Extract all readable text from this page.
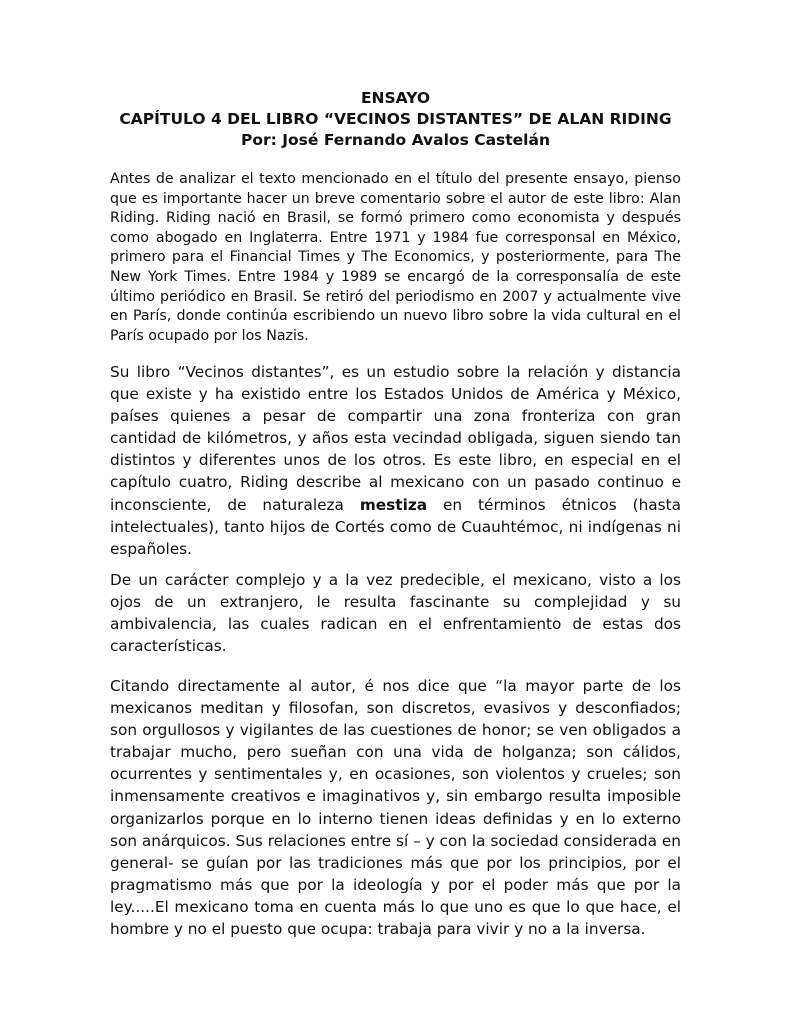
ENSAYO
CAPÍTULO 4 DEL LIBRO “VECINOS DISTANTES” DE ALAN RIDING
Por: José Fernando Avalos Castelán

Antes de analizar el texto mencionado en el título del presente ensayo, pienso que es importante hacer un breve comentario sobre el autor de este libro: Alan Riding. Riding nació en Brasil, se formó primero como economista y después como abogado en Inglaterra. Entre 1971 y 1984 fue corresponsal en México, primero para el Financial Times y The Economics, y posteriormente, para The New York Times. Entre 1984 y 1989 se encargó de la corresponsalía de este último periódico en Brasil. Se retiró del periodismo en 2007 y actualmente vive en París, donde continúa escribiendo un nuevo libro sobre la vida cultural en el París ocupado por los Nazis.

Su libro “Vecinos distantes”, es un estudio sobre la relación y distancia que existe y ha existido entre los Estados Unidos de América y México, países quienes a pesar de compartir una zona fronteriza con gran cantidad de kilómetros, y años esta vecindad obligada, siguen siendo tan distintos y diferentes unos de los otros. Es este libro, en especial en el capítulo cuatro, Riding describe al mexicano con un pasado continuo e inconsciente, de naturaleza mestiza en términos étnicos (hasta intelectuales), tanto hijos de Cortés como de Cuauhtémoc, ni indígenas ni españoles.

De un carácter complejo y a la vez predecible, el mexicano, visto a los ojos de un extranjero, le resulta fascinante su complejidad y su ambivalencia, las cuales radican en el enfrentamiento de estas dos características.

Citando directamente al autor, é nos dice que “la mayor parte de los mexicanos meditan y filosofan, son discretos, evasivos y desconfiados; son orgullosos y vigilantes de las cuestiones de honor; se ven obligados a trabajar mucho, pero sueñan con una vida de holganza; son cálidos, ocurrentes y sentimentales y, en ocasiones, son violentos y crueles; son inmensamente creativos e imaginativos y, sin embargo resulta imposible organizarlos porque en lo interno tienen ideas definidas y en lo externo son anárquicos. Sus relaciones entre sí – y con la sociedad considerada en general- se guían por las tradiciones más que por los principios, por el pragmatismo más que por la ideología y por el poder más que por la ley.....El mexicano toma en cuenta más lo que uno es que lo que hace, el hombre y no el puesto que ocupa: trabaja para vivir y no a la inversa.
